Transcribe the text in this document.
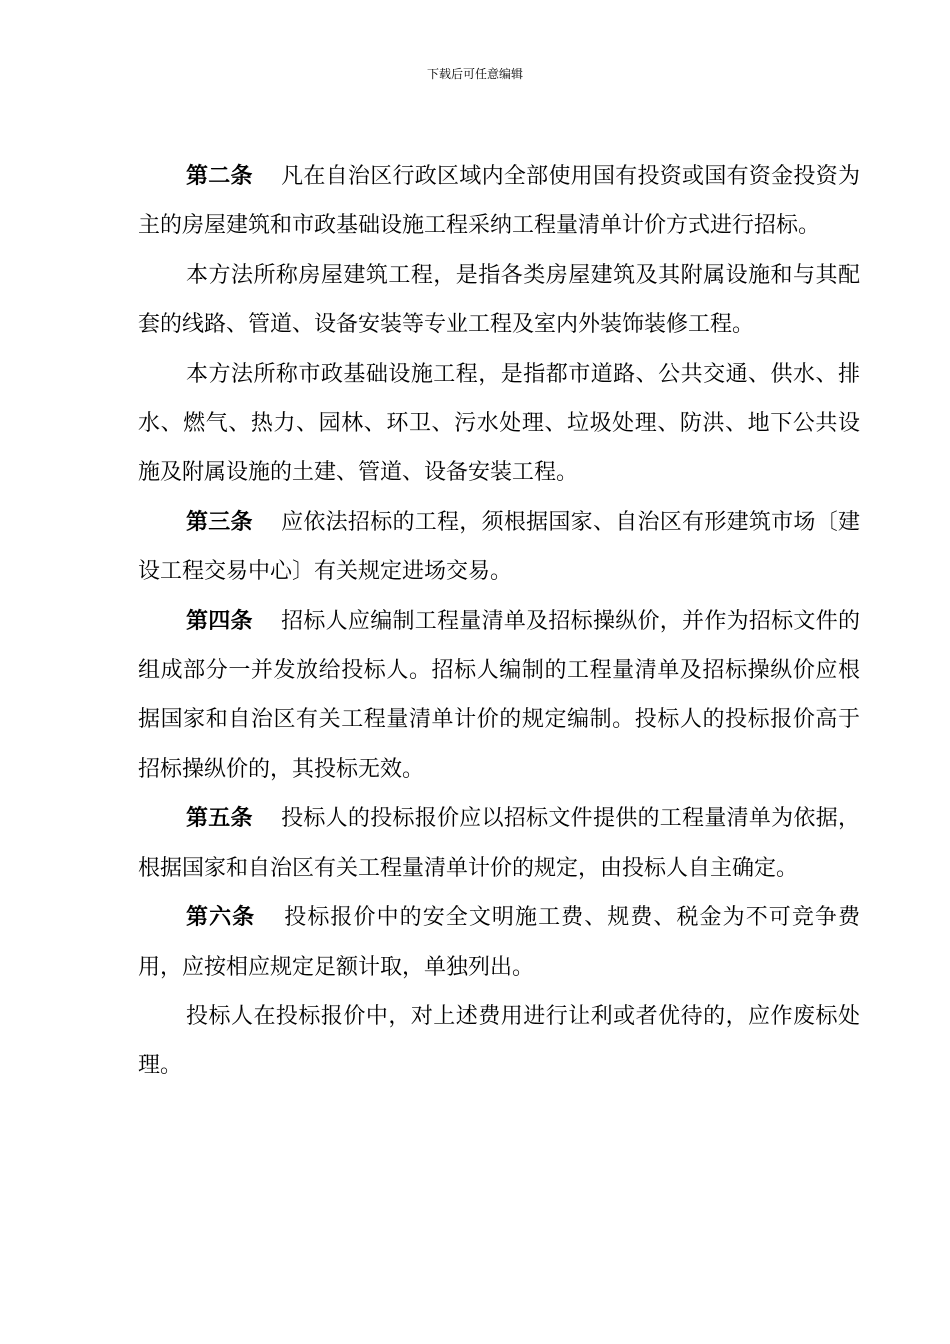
下载后可任意编辑

第二条 凡在自治区行政区域内全部使用国有投资或国有资金投资为主的房屋建筑和市政基础设施工程采纳工程量清单计价方式进行招标。

本方法所称房屋建筑工程，是指各类房屋建筑及其附属设施和与其配套的线路、管道、设备安装等专业工程及室内外装饰装修工程。

本方法所称市政基础设施工程，是指都市道路、公共交通、供水、排水、燃气、热力、园林、环卫、污水处理、垃圾处理、防洪、地下公共设施及附属设施的土建、管道、设备安装工程。

第三条 应依法招标的工程，须根据国家、自治区有形建筑市场〔建设工程交易中心〕有关规定进场交易。

第四条 招标人应编制工程量清单及招标操纵价，并作为招标文件的组成部分一并发放给投标人。招标人编制的工程量清单及招标操纵价应根据国家和自治区有关工程量清单计价的规定编制。投标人的投标报价高于招标操纵价的，其投标无效。

第五条 投标人的投标报价应以招标文件提供的工程量清单为依据，根据国家和自治区有关工程量清单计价的规定，由投标人自主确定。

第六条 投标报价中的安全文明施工费、规费、税金为不可竞争费用，应按相应规定足额计取，单独列出。

投标人在投标报价中，对上述费用进行让利或者优待的，应作废标处理。
